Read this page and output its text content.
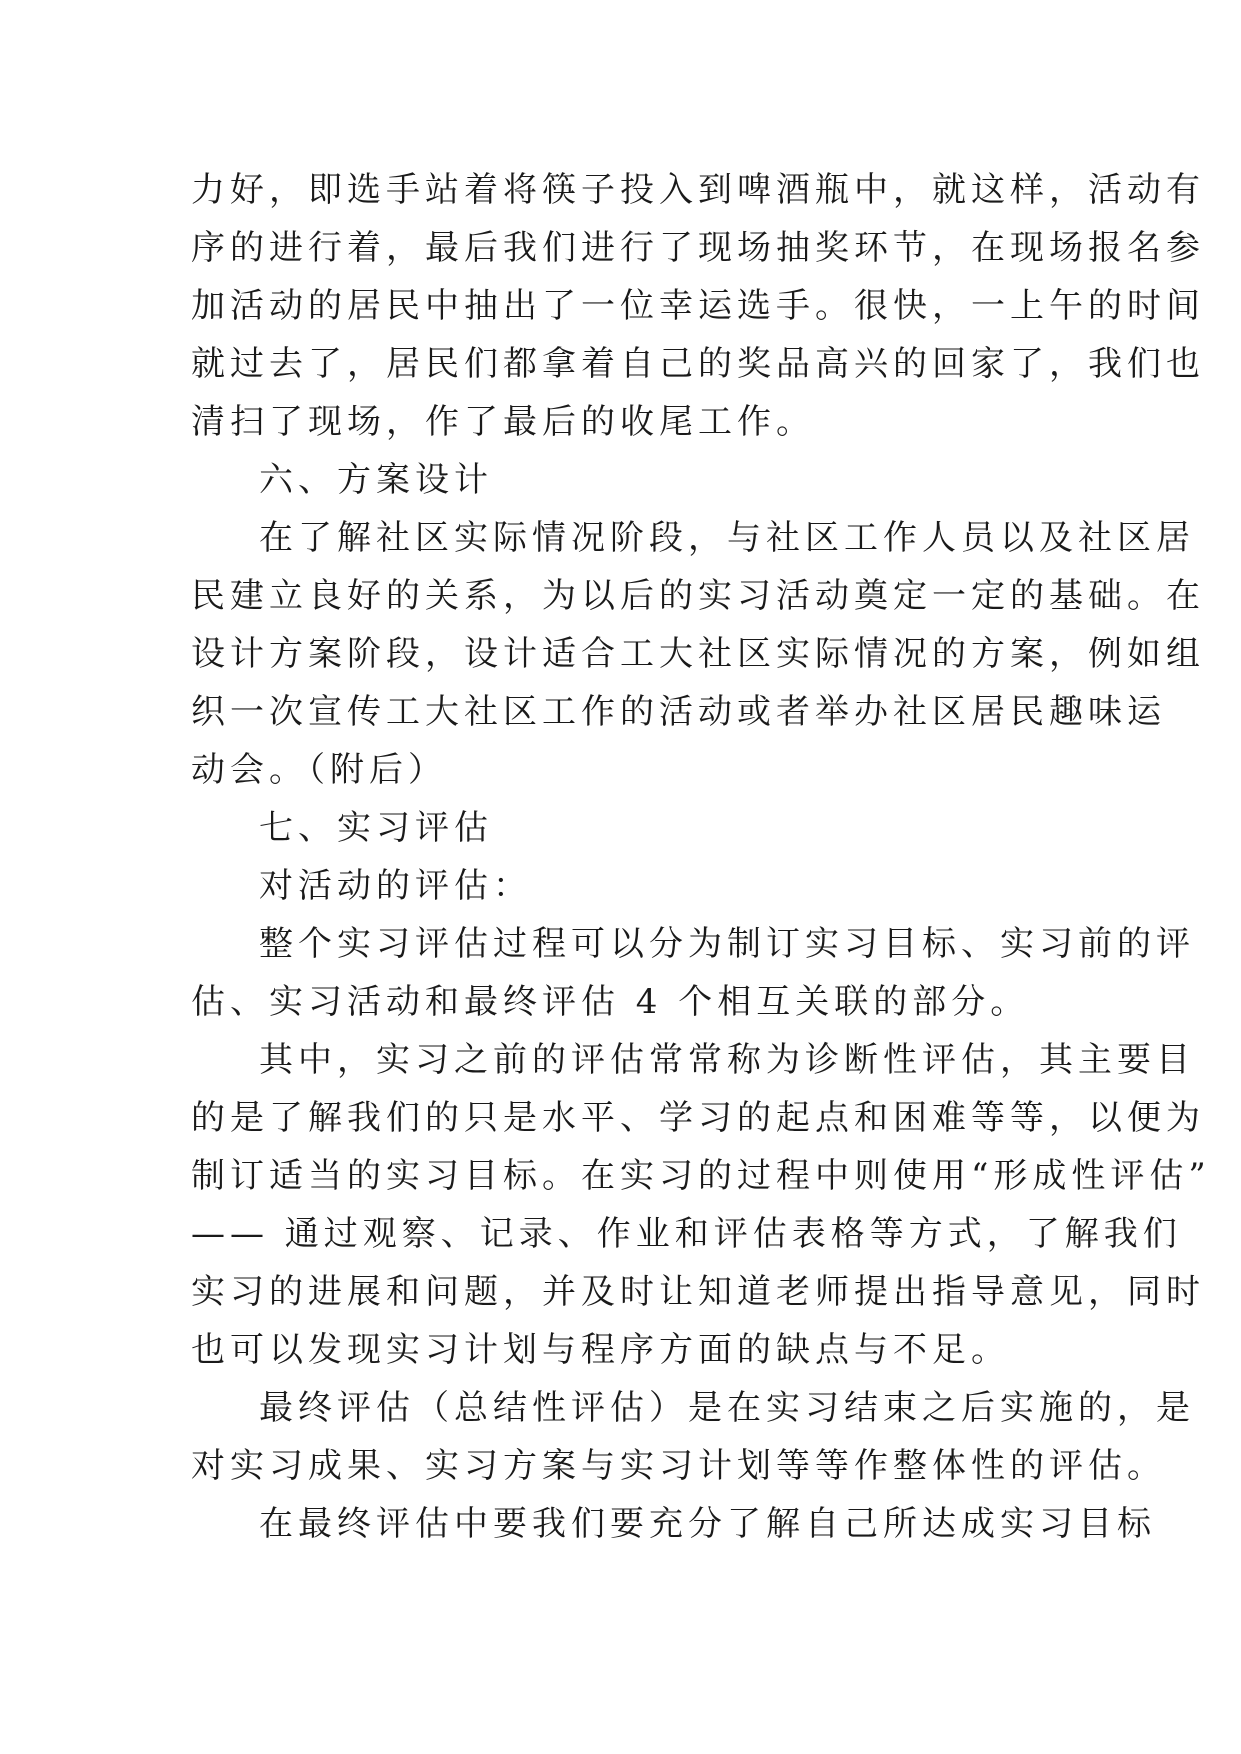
力好，即选手站着将筷子投入到啤酒瓶中，就这样，活动有
序的进行着，最后我们进行了现场抽奖环节，在现场报名参
加活动的居民中抽出了一位幸运选手。很快，一上午的时间
就过去了，居民们都拿着自己的奖品高兴的回家了，我们也
清扫了现场，作了最后的收尾工作。
六、方案设计
在了解社区实际情况阶段，与社区工作人员以及社区居
民建立良好的关系，为以后的实习活动奠定一定的基础。在
设计方案阶段，设计适合工大社区实际情况的方案，例如组
织一次宣传工大社区工作的活动或者举办社区居民趣味运
动会。（附后）
七、实习评估
对活动的评估：
整个实习评估过程可以分为制订实习目标、实习前的评
估、实习活动和最终评估 4 个相互关联的部分。
其中，实习之前的评估常常称为诊断性评估，其主要目
的是了解我们的只是水平、学习的起点和困难等等，以便为
制订适当的实习目标。在实习的过程中则使用“形成性评估”
—— 通过观察、记录、作业和评估表格等方式，了解我们
实习的进展和问题，并及时让知道老师提出指导意见，同时
也可以发现实习计划与程序方面的缺点与不足。
最终评估（总结性评估）是在实习结束之后实施的，是
对实习成果、实习方案与实习计划等等作整体性的评估。
在最终评估中要我们要充分了解自己所达成实习目标
